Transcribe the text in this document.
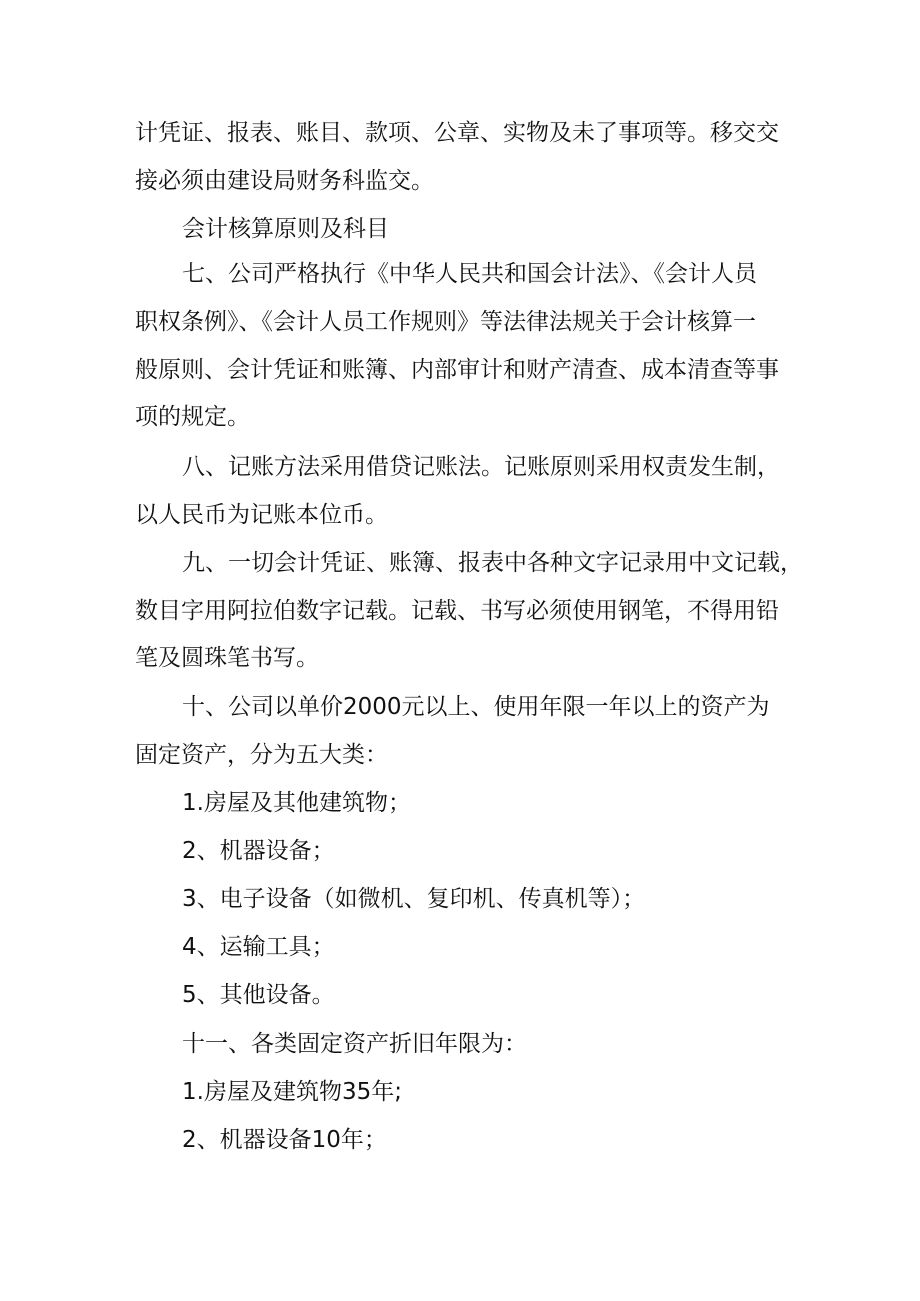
计凭证、报表、账目、款项、公章、实物及未了事项等。移交交
接必须由建设局财务科监交。
会计核算原则及科目
七、公司严格执行《中华人民共和国会计法》、《会计人员
职权条例》、《会计人员工作规则》等法律法规关于会计核算一
般原则、会计凭证和账簿、内部审计和财产清查、成本清查等事
项的规定。
八、记账方法采用借贷记账法。记账原则采用权责发生制，
以人民币为记账本位币。
九、一切会计凭证、账簿、报表中各种文字记录用中文记载，
数目字用阿拉伯数字记载。记载、书写必须使用钢笔，不得用铅
笔及圆珠笔书写。
十、公司以单价2000元以上、使用年限一年以上的资产为
固定资产，分为五大类：
1.房屋及其他建筑物；
2、机器设备；
3、电子设备（如微机、复印机、传真机等）；
4、运输工具；
5、其他设备。
十一、各类固定资产折旧年限为：
1.房屋及建筑物35年;
2、机器设备10年；
